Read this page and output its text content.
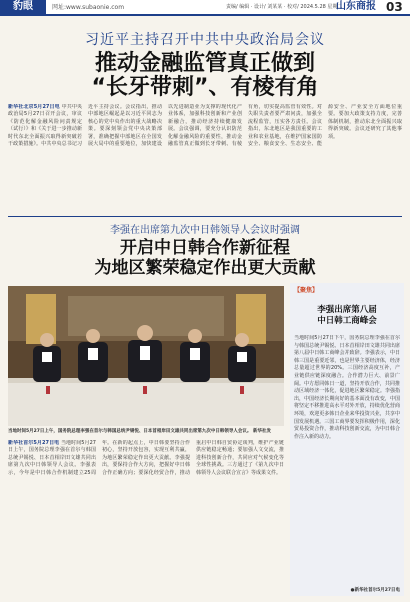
豹眼	网址:www.subaonie.com	责编/ 编辑 · 设计/ 刘某某 · 校对/ 2024.5.28 星期二
山东商报 03
习近平主持召开中共中央政治局会议
推动金融监管真正做到
“长牙带刺”、有棱有角
新华社北京5月27日电 中共中央政治局5月27日召开会议，审议《防范化解金融风险问责规定（试行）》和《关于进一步推动新时代东北全面振兴取得新突破若干政策措施》。中共中央总书记习近平主持会议。会议指出，推动中部地区崛起是以习近平同志为核心的党中央作出的重大战略决策。要深刻领会党中央决策部署，准确把握中部地区在全国发展大局中的重要地位，加快建设以先进制造业为支撑的现代化产业体系，加强科技创新和产业创新融合，推动经济持续健康发展。会议强调，要充分认识防范化解金融风险的重要性，推动金融监管真正做到长牙带刺、有棱有角，切实提高监管有效性。对失职失责者要严肃问责，加强全流程监管，压实各方责任。会议指出，东北地区是我国重要的工业和农业基地，在维护国家国防安全、粮食安全、生态安全、能源安全、产业安全方面地位重要。要加大政策支持力度，完善体制机制，推动东北全面振兴取得新突破。会议还研究了其他事项。
李强在出席第九次中日韩领导人会议时强调
开启中日韩合作新征程
为地区繁荣稳定作出更大贡献
当地时间5月27日上午，国务院总理李强在首尔与韩国总统尹锡悦、日本首相岸田文雄共同出席第九次中日韩领导人会议。 新华社发
新华社首尔5月27日电 当地时间5月27日上午，国务院总理李强在首尔与韩国总统尹锡悦、日本首相岸田文雄共同出席第九次中日韩领导人会议。李强表示，今年是中日韩合作机制建立25周年。在新的起点上，中日韩要坚持合作初心，坚持开放包容，实现互利共赢，为地区繁荣稳定作出更大贡献。李强提出，要保持合作大方向，把握好中日韩合作正确方向；要深化经贸合作，推动重启中日韩自贸协定谈判，维护产业链供应链稳定畅通；要加强人文交流，推进科技创新合作，共同应对气候变化等全球性挑战。三方通过了《第九次中日韩领导人会议联合宣言》等成果文件。
【聚焦】
李强出席第八届
中日韩工商峰会
当地时间5月27日下午，国务院总理李强在首尔与韩国总统尹锡悦、日本首相岸田文雄共同出席第八届中日韩工商峰会并致辞。李强表示，中日韩三国是重要近邻，也是世界主要经济体，经济总量超过世界的20%。三国经济高度互补，产业链供应链深度融合。合作潜力巨大、前景广阔。中方愿同韩日一道，坚持开放合作，共同推动区域经济一体化，促进地区繁荣稳定。李强指出，中国经济长期向好的基本面没有改变，中国将坚定不移推进高水平对外开放，持续优化营商环境，欢迎更多韩日企业来华投资兴业，共享中国发展机遇。三国工商界要发挥积极作用，深化贸易投资合作，推动科技创新交流，为中日韩合作注入新的动力。
●新华社首尔5月27日电
